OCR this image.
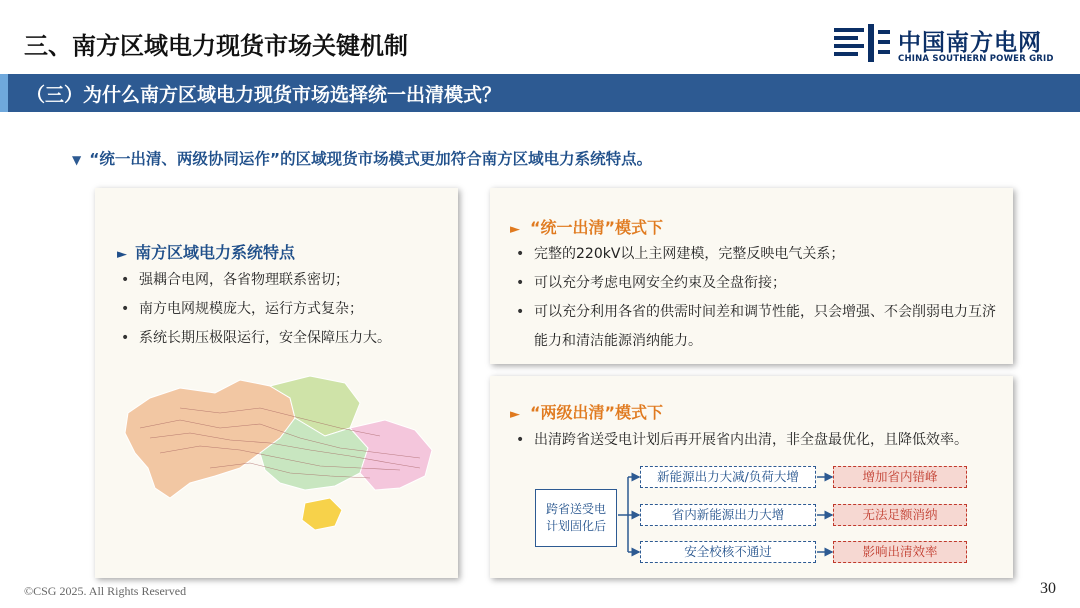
三、南方区域电力现货市场关键机制	中国南方电网
CHINA SOUTHERN POWER GRID
（三）为什么南方区域电力现货市场选择统一出清模式？
▼ “统一出清、两级协同运作”的区域现货市场模式更加符合南方区域电力系统特点。
► 南方区域电力系统特点
• 强耦合电网，各省物理联系密切；
• 南方电网规模庞大，运行方式复杂；
• 系统长期压极限运行，安全保障压力大。
► “统一出清”模式下
• 完整的220kV以上主网建模，完整反映电气关系；
• 可以充分考虑电网安全约束及全盘衔接；
• 可以充分利用各省的供需时间差和调节性能，只会增强、不会削弱电力互济能力和清洁能源消纳能力。
► “两级出清”模式下
• 出清跨省送受电计划后再开展省内出清，非全盘最优化，且降低效率。
跨省送受电
计划固化后
新能源出力大减/负荷大增
省内新能源出力大增
安全校核不通过
增加省内错峰
无法足额消纳
影响出清效率
©CSG 2025. All Rights Reserved	30
